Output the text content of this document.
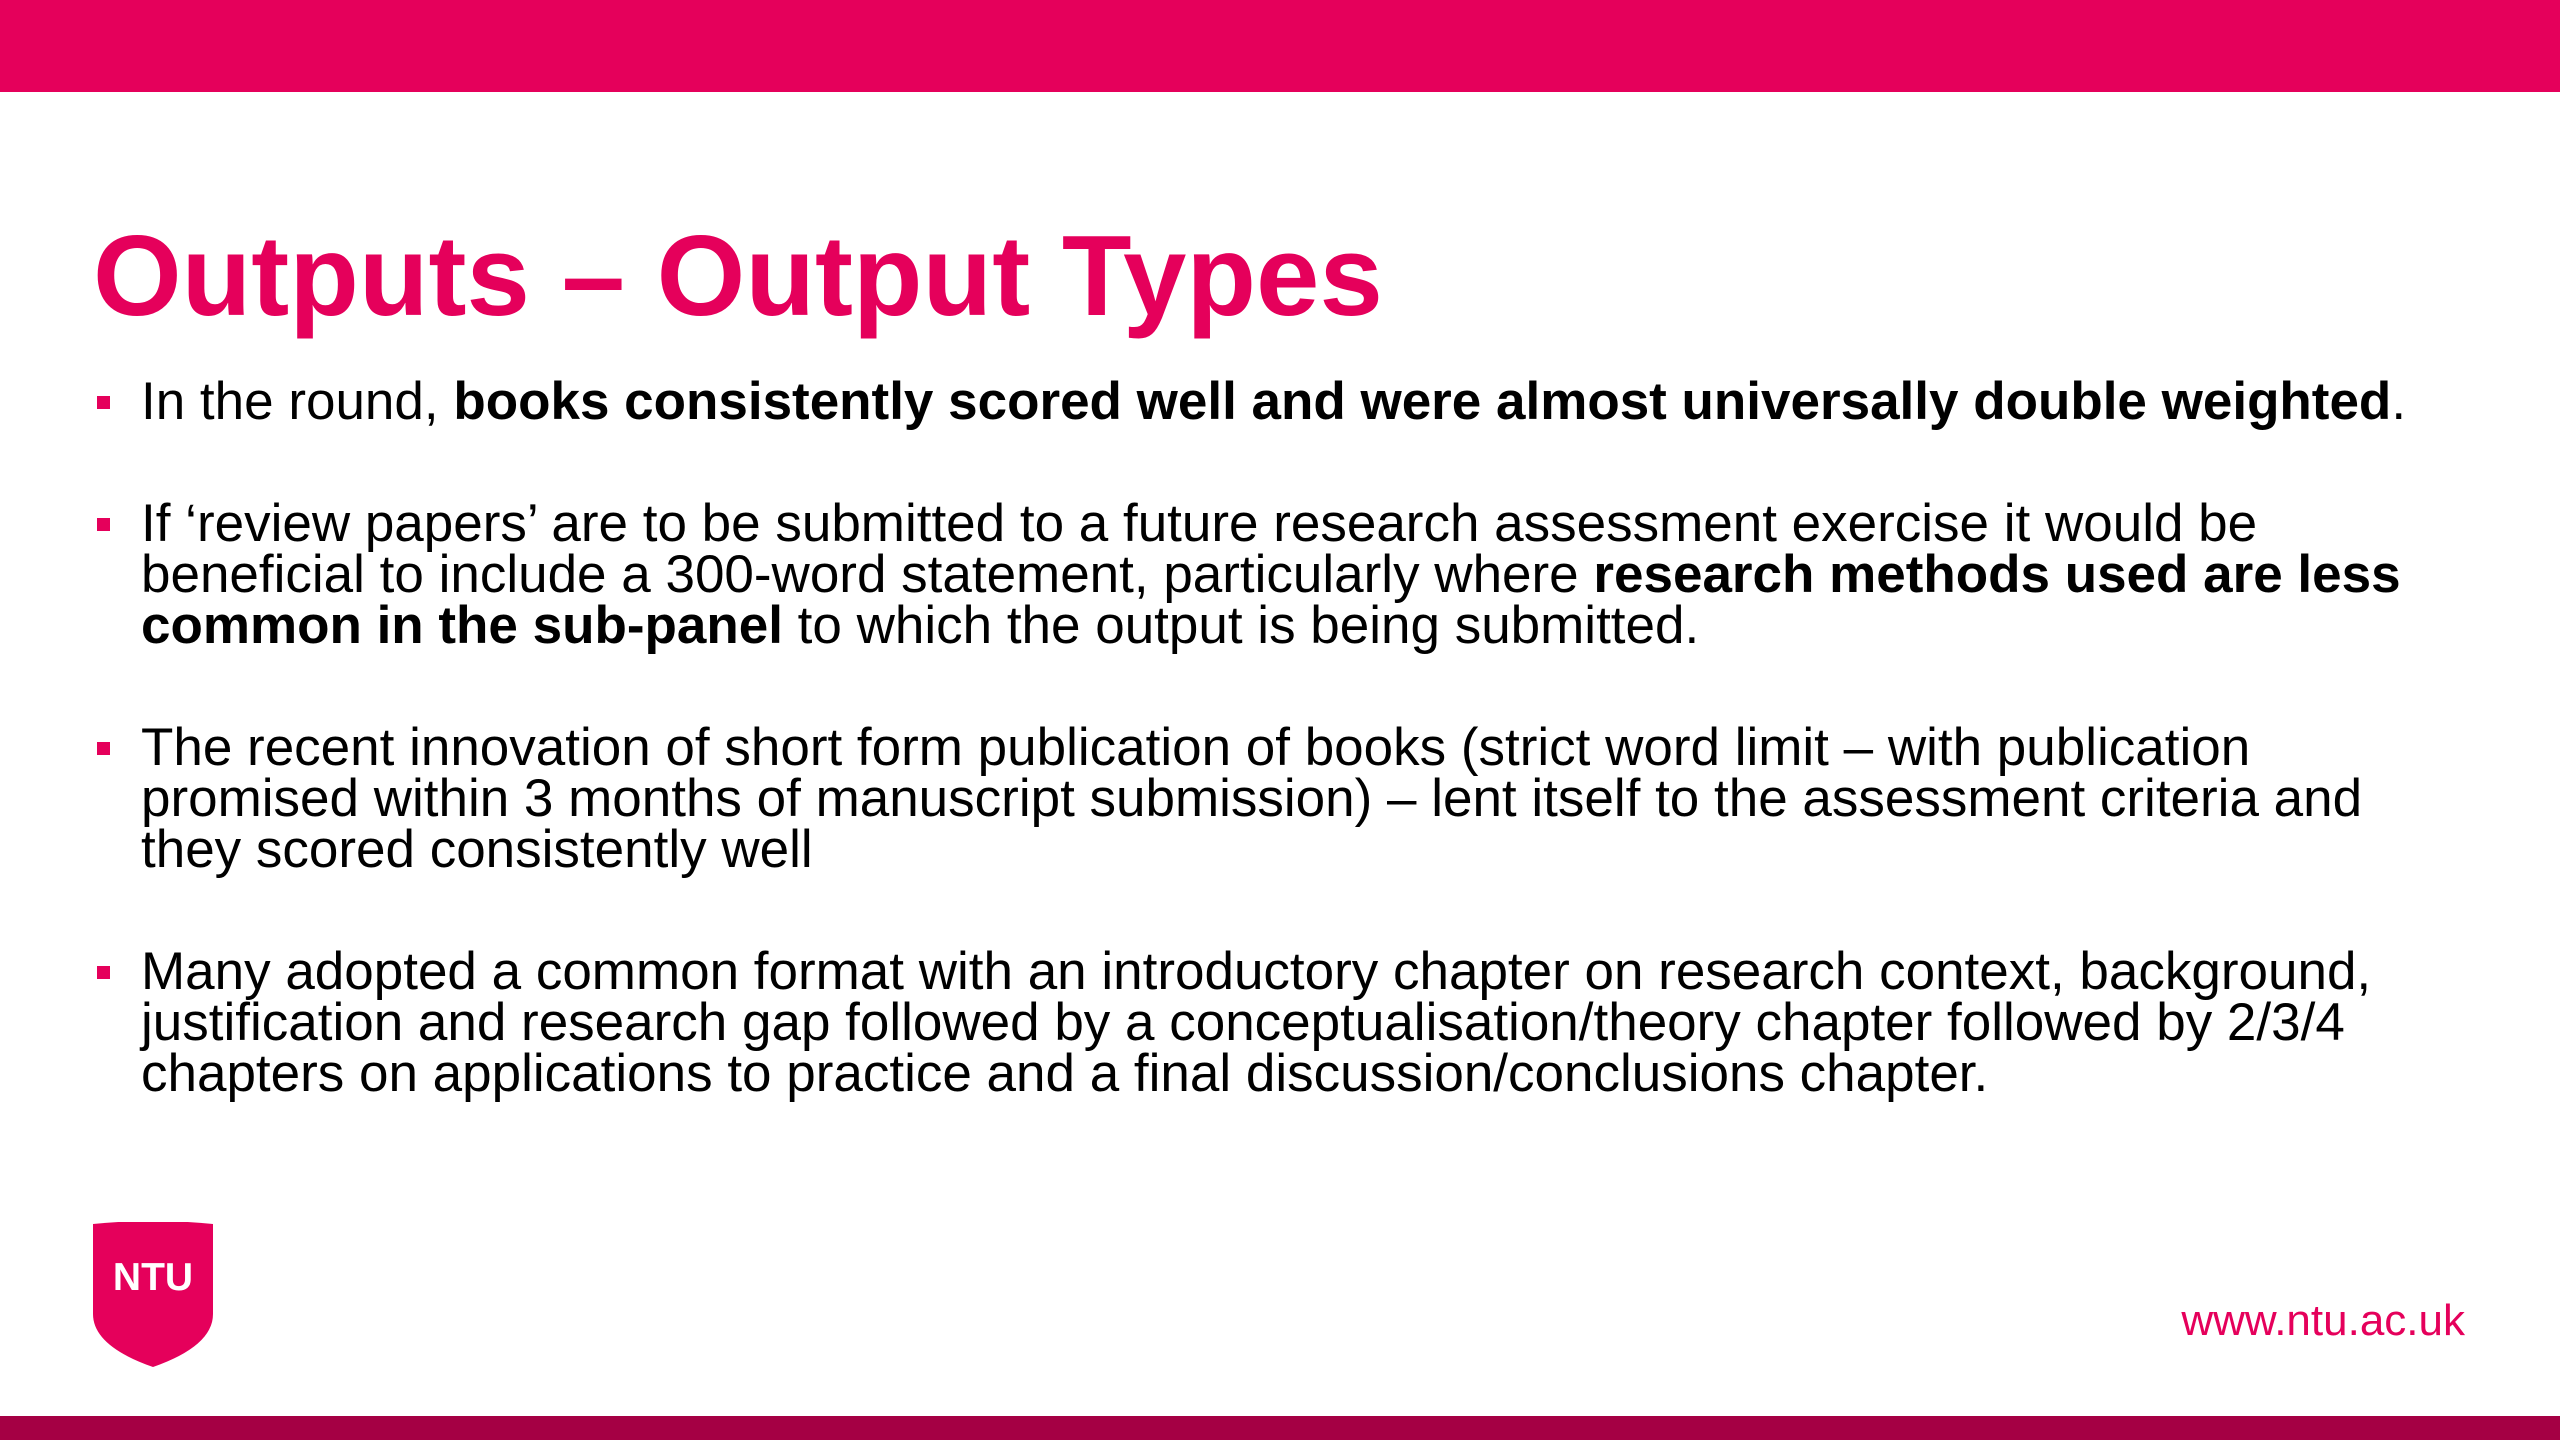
Outputs – Output Types
In the round, books consistently scored well and were almost universally double weighted.
If ‘review papers’ are to be submitted to a future research assessment exercise it would be beneficial to include a 300-word statement, particularly where research methods used are less common in the sub-panel to which the output is being submitted.
The recent innovation of short form publication of books (strict word limit – with publication promised within 3 months of manuscript submission) – lent itself to the assessment criteria and they scored consistently well
Many adopted a common format with an introductory chapter on research context, background, justification and research gap followed by a conceptualisation/theory chapter followed by 2/3/4 chapters on applications to practice and a final discussion/conclusions chapter.
NTU
www.ntu.ac.uk
